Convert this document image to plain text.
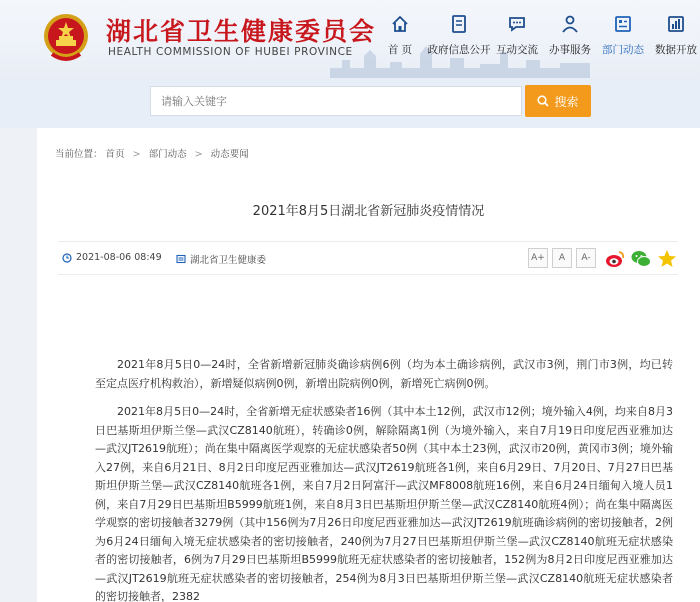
湖北省卫生健康委员会
HEALTH COMMISSION OF HUBEI PROVINCE	首 页	政府信息公开 互动交流	办事服务	部门动态	数据开放
请输入关键字
搜索
当前位置： 首页 > 部门动态 > 动态要闻
2021年8月5日湖北省新冠肺炎疫情情况
2021-08-06 08:49	湖北省卫生健康委	A+	A	A-

2021年8月5日0—24时，全省新增新冠肺炎确诊病例6例（均为本土确诊病例，武汉市3例，荆门市3例，均已转至定点医疗机构救治），新增疑似病例0例，新增出院病例0例，新增死亡病例0例。

2021年8月5日0—24时，全省新增无症状感染者16例（其中本土12例，武汉市12例；境外输入4例，均来自8月3日巴基斯坦伊斯兰堡—武汉CZ8140航班），转确诊0例，解除隔离1例（为境外输入，来自7月19日印度尼西亚雅加达—武汉JT2619航班）；尚在集中隔离医学观察的无症状感染者50例（其中本土23例，武汉市20例，黄冈市3例；境外输入27例，来自6月21日、8月2日印度尼西亚雅加达—武汉JT2619航班各1例，来自6月29日、7月20日、7月27日巴基斯坦伊斯兰堡—武汉CZ8140航班各1例，来自7月2日阿富汗—武汉MF8008航班16例，来自6月24日缅甸入境人员1例，来自7月29日巴基斯坦B5999航班1例，来自8月3日巴基斯坦伊斯兰堡—武汉CZ8140航班4例）；尚在集中隔离医学观察的密切接触者3279例（其中156例为7月26日印度尼西亚雅加达—武汉JT2619航班确诊病例的密切接触者，2例为6月24日缅甸入境无症状感染者的密切接触者，240例为7月27日巴基斯坦伊斯兰堡—武汉CZ8140航班无症状感染者的密切接触者，6例为7月29日巴基斯坦B5999航班无症状感染者的密切接触者，152例为8月2日印度尼西亚雅加达—武汉JT2619航班无症状感染者的密切接触者，254例为8月3日巴基斯坦伊斯兰堡—武汉CZ8140航班无症状感染者的密切接触者，2382
